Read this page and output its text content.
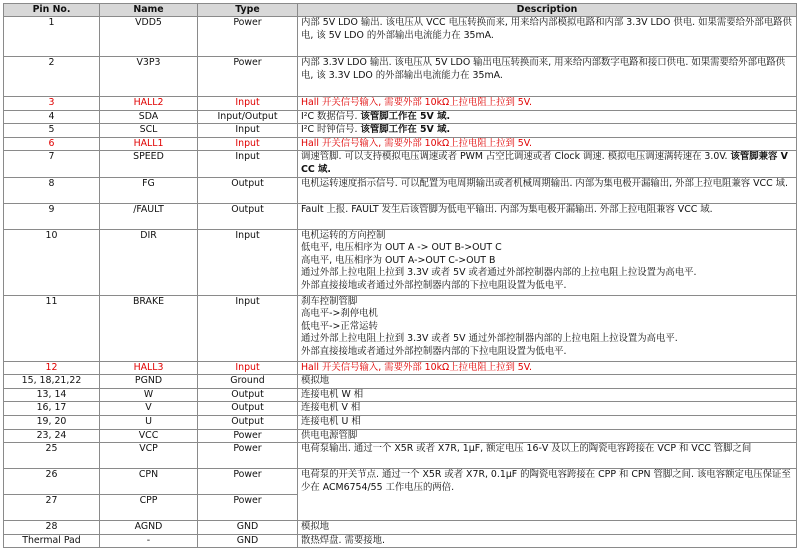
Pin No.	Name	Type	Description
1	VDD5	Power	内部 5V LDO 输出. 该电压从 VCC 电压转换而来, 用来给内部模拟电路和内部 3.3V LDO 供电. 如果需要给外部电路供电, 该 5V LDO 的外部输出电流能力在 35mA.
2	V3P3	Power	内部 3.3V LDO 输出. 该电压从 5V LDO 输出电压转换而来, 用来给内部数字电路和接口供电. 如果需要给外部电路供电, 该 3.3V LDO 的外部输出电流能力在 35mA.
3	HALL2	Input	Hall 开关信号输入, 需要外部 10kΩ上拉电阻上拉到 5V.
4	SDA	Input/Output	I²C 数据信号. 该管脚工作在 5V 域.
5	SCL	Input	I²C 时钟信号. 该管脚工作在 5V 域.
6	HALL1	Input	Hall 开关信号输入, 需要外部 10kΩ上拉电阻上拉到 5V.
7	SPEED	Input	调速管脚. 可以支持模拟电压调速或者 PWM 占空比调速或者 Clock 调速. 模拟电压调速满转速在 3.0V. 该管脚兼容 VCC 域.
8	FG	Output	电机运转速度指示信号. 可以配置为电周期输出或者机械周期输出. 内部为集电极开漏输出, 外部上拉电阻兼容 VCC 域.
9	/FAULT	Output	Fault 上报. FAULT 发生后该管脚为低电平输出. 内部为集电极开漏输出. 外部上拉电阻兼容 VCC 域.
10	DIR	Input	电机运转的方向控制
低电平, 电压相序为 OUT A -> OUT B->OUT C
高电平, 电压相序为 OUT A->OUT C->OUT B
通过外部上拉电阻上拉到 3.3V 或者 5V 或者通过外部控制器内部的上拉电阻上拉设置为高电平.
外部直接接地或者通过外部控制器内部的下拉电阻设置为低电平.

11	BRAKE	Input	刹车控制管脚
高电平->刹停电机
低电平->正常运转
通过外部上拉电阻上拉到 3.3V 或者 5V 通过外部控制器内部的上拉电阻上拉设置为高电平.
外部直接接地或者通过外部控制器内部的下拉电阻设置为低电平.

12	HALL3	Input	Hall 开关信号输入, 需要外部 10kΩ上拉电阻上拉到 5V.
15, 18,21,22	PGND	Ground	模拟地
13, 14	W	Output	连接电机 W 相
16, 17	V	Output	连接电机 V 相
19, 20	U	Output	连接电机 U 相
23, 24	VCC	Power	供电电源管脚
25	VCP	Power	电荷泵输出. 通过一个 X5R 或者 X7R, 1μF, 额定电压 16-V 及以上的陶瓷电容跨接在 VCP 和 VCC 管脚之间
26	CPN	Power	电荷泵的开关节点. 通过一个 X5R 或者 X7R, 0.1μF 的陶瓷电容跨接在 CPP 和 CPN 管脚之间. 该电容额定电压保证至少在 ACM6754/55 工作电压的两倍.
27	CPP	Power	
28	AGND	GND	模拟地
Thermal Pad	-	GND	散热焊盘. 需要接地.
